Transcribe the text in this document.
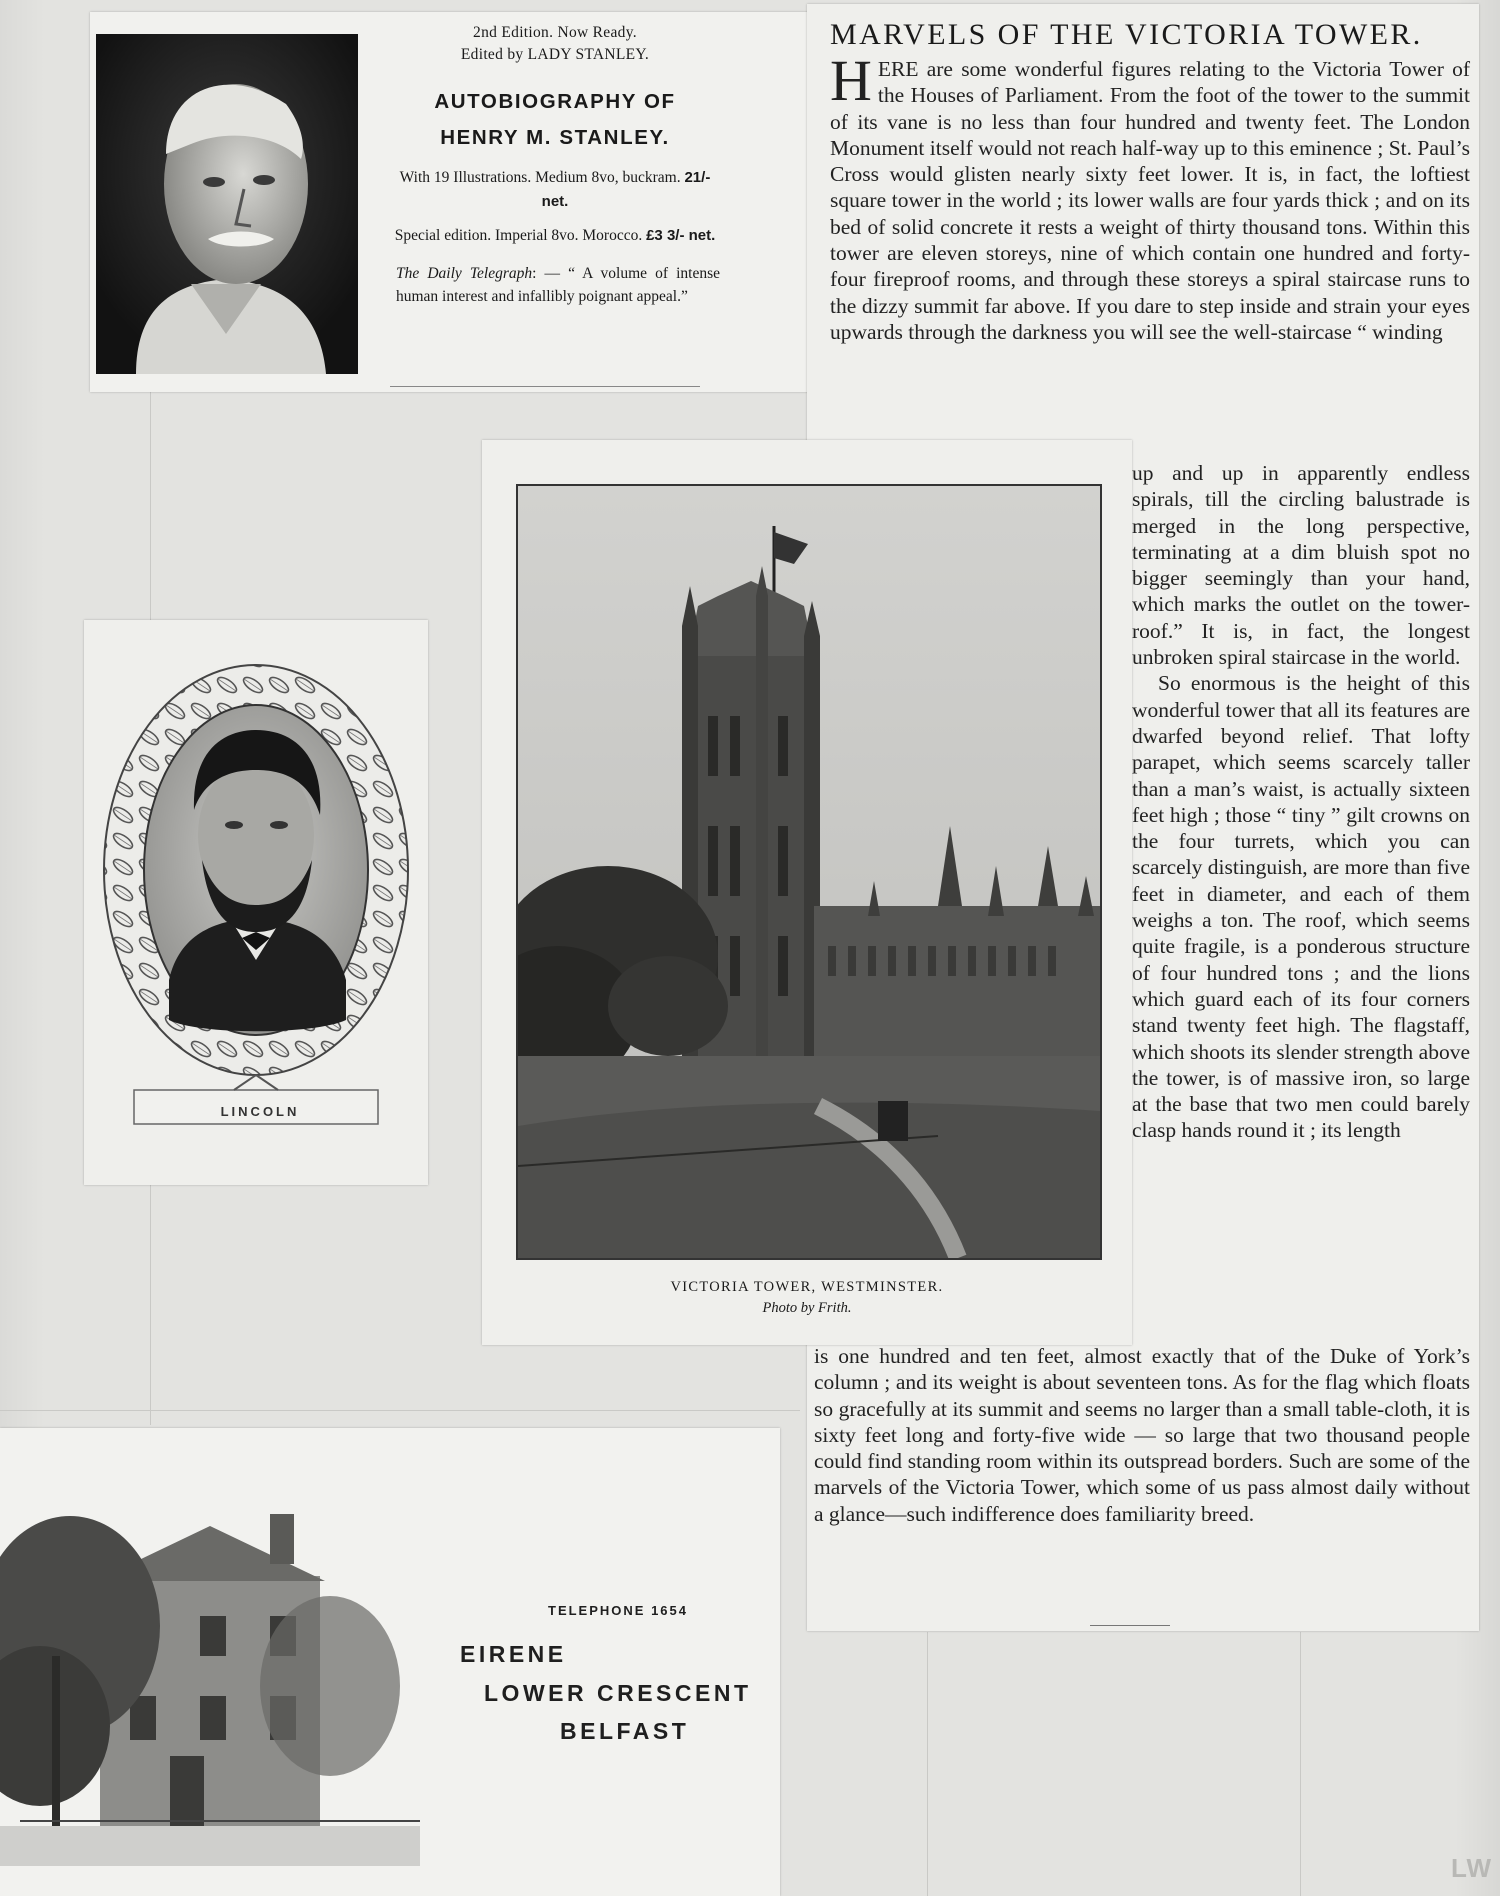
2nd Edition. Now Ready.

Edited by LADY STANLEY.

AUTOBIOGRAPHY OF

HENRY M. STANLEY.

With 19 Illustrations. Medium 8vo, buckram. 21/- net.

Special edition. Imperial 8vo. Morocco. £3 3/- net.

The Daily Telegraph: — “ A volume of intense human interest and infallibly poignant appeal.”

VICTORIA TOWER, WESTMINSTER.
Photo by Frith.
MARVELS OF THE VICTORIA TOWER.
HERE are some wonderful figures relating to the Victoria Tower of the Houses of Parliament. From the foot of the tower to the summit of its vane is no less than four hundred and twenty feet. The London Monument itself would not reach half-way up to this eminence ; St. Paul’s Cross would glisten nearly sixty feet lower. It is, in fact, the loftiest square tower in the world ; its lower walls are four yards thick ; and on its bed of solid concrete it rests a weight of thirty thousand tons. Within this tower are eleven storeys, nine of which contain one hundred and forty-four fireproof rooms, and through these storeys a spiral staircase runs to the dizzy summit far above. If you dare to step inside and strain your eyes upwards through the darkness you will see the well-staircase “ winding
up and up in apparently endless spirals, till the circling balustrade is merged in the long perspective, terminating at a dim bluish spot no bigger seemingly than your hand, which marks the outlet on the tower-roof.” It is, in fact, the longest unbroken spiral staircase in the world.
So enormous is the height of this wonderful tower that all its features are dwarfed beyond relief. That lofty parapet, which seems scarcely taller than a man’s waist, is actually sixteen feet high ; those “ tiny ” gilt crowns on the four turrets, which you can scarcely distinguish, are more than five feet in diameter, and each of them weighs a ton. The roof, which seems quite fragile, is a ponderous structure of four hundred tons ; and the lions which guard each of its four corners stand twenty feet high. The flagstaff, which shoots its slender strength above the tower, is of massive iron, so large at the base that two men could barely clasp hands round it ; its length
is one hundred and ten feet, almost exactly that of the Duke of York’s column ; and its weight is about seventeen tons. As for the flag which floats so gracefully at its summit and seems no larger than a small table-cloth, it is sixty feet long and forty-five wide — so large that two thousand people could find standing room within its outspread borders. Such are some of the marvels of the Victoria Tower, which some of us pass almost daily without a glance—such indifference does familiarity breed.
LINCOLN
TELEPHONE 1654
EIRENE
LOWER CRESCENT
BELFAST
LW
